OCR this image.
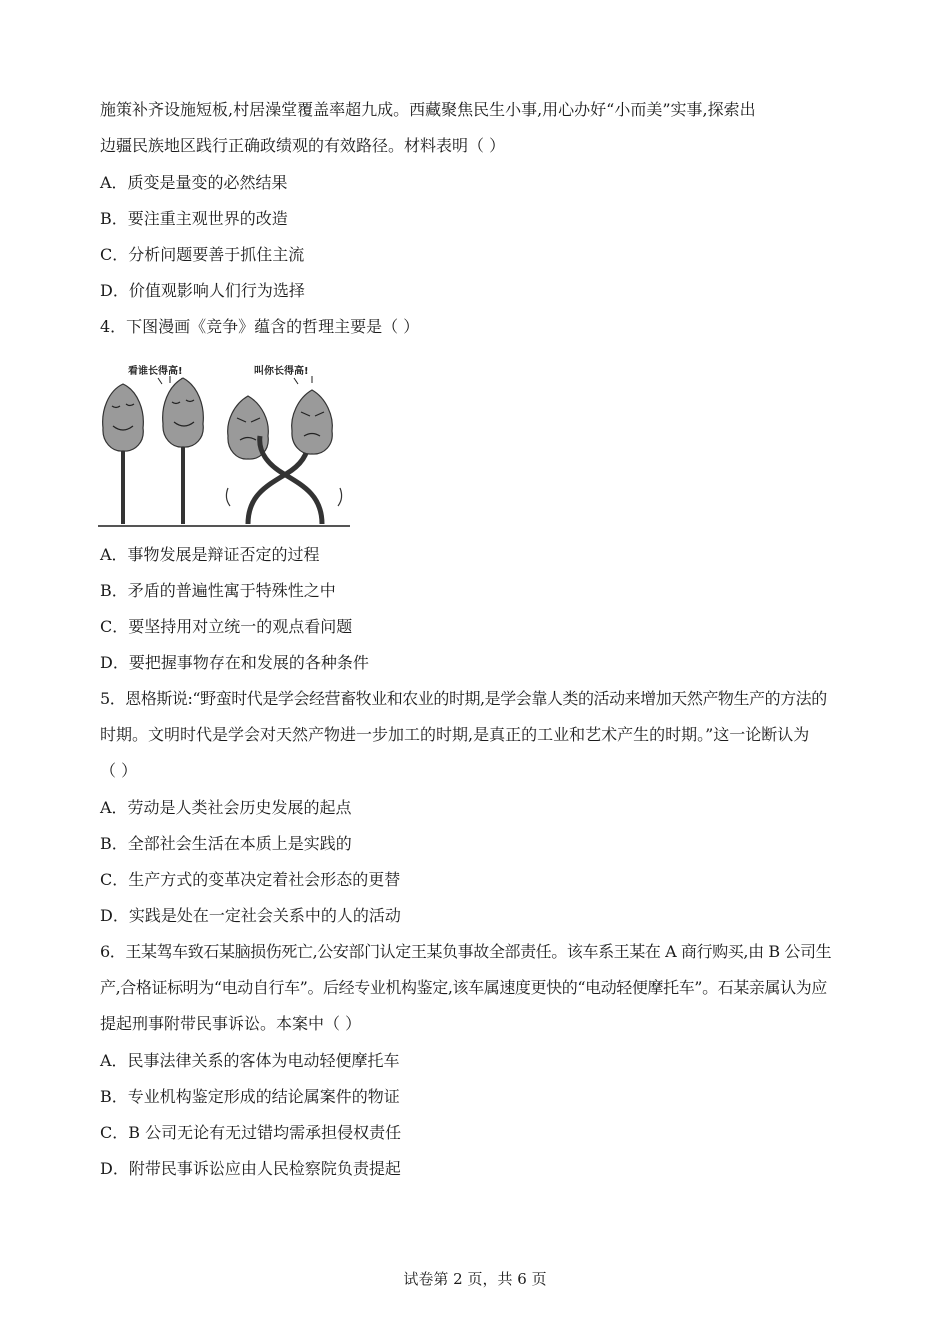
施策补齐设施短板,村居澡堂覆盖率超九成。西藏聚焦民生小事,用心办好“小而美”实事,探索出
边疆民族地区践行正确政绩观的有效路径。材料表明（ ）
A．质变是量变的必然结果
B．要注重主观世界的改造
C．分析问题要善于抓住主流
D．价值观影响人们行为选择
4．下图漫画《竞争》蕴含的哲理主要是（ ）
看谁长得高!	叫你长得高!
A．事物发展是辩证否定的过程
B．矛盾的普遍性寓于特殊性之中
C．要坚持用对立统一的观点看问题
D．要把握事物存在和发展的各种条件
5．恩格斯说:“野蛮时代是学会经营畜牧业和农业的时期,是学会靠人类的活动来增加天然产物生产的方法的
时期。文明时代是学会对天然产物进一步加工的时期,是真正的工业和艺术产生的时期。”这一论断认为
（ ）
A．劳动是人类社会历史发展的起点
B．全部社会生活在本质上是实践的
C．生产方式的变革决定着社会形态的更替
D．实践是处在一定社会关系中的人的活动
6．王某驾车致石某脑损伤死亡,公安部门认定王某负事故全部责任。该车系王某在 A 商行购买,由 B 公司生
产,合格证标明为“电动自行车”。后经专业机构鉴定,该车属速度更快的“电动轻便摩托车”。石某亲属认为应
提起刑事附带民事诉讼。本案中（ ）
A．民事法律关系的客体为电动轻便摩托车
B．专业机构鉴定形成的结论属案件的物证
C．B 公司无论有无过错均需承担侵权责任
D．附带民事诉讼应由人民检察院负责提起
试卷第 2 页，共 6 页
